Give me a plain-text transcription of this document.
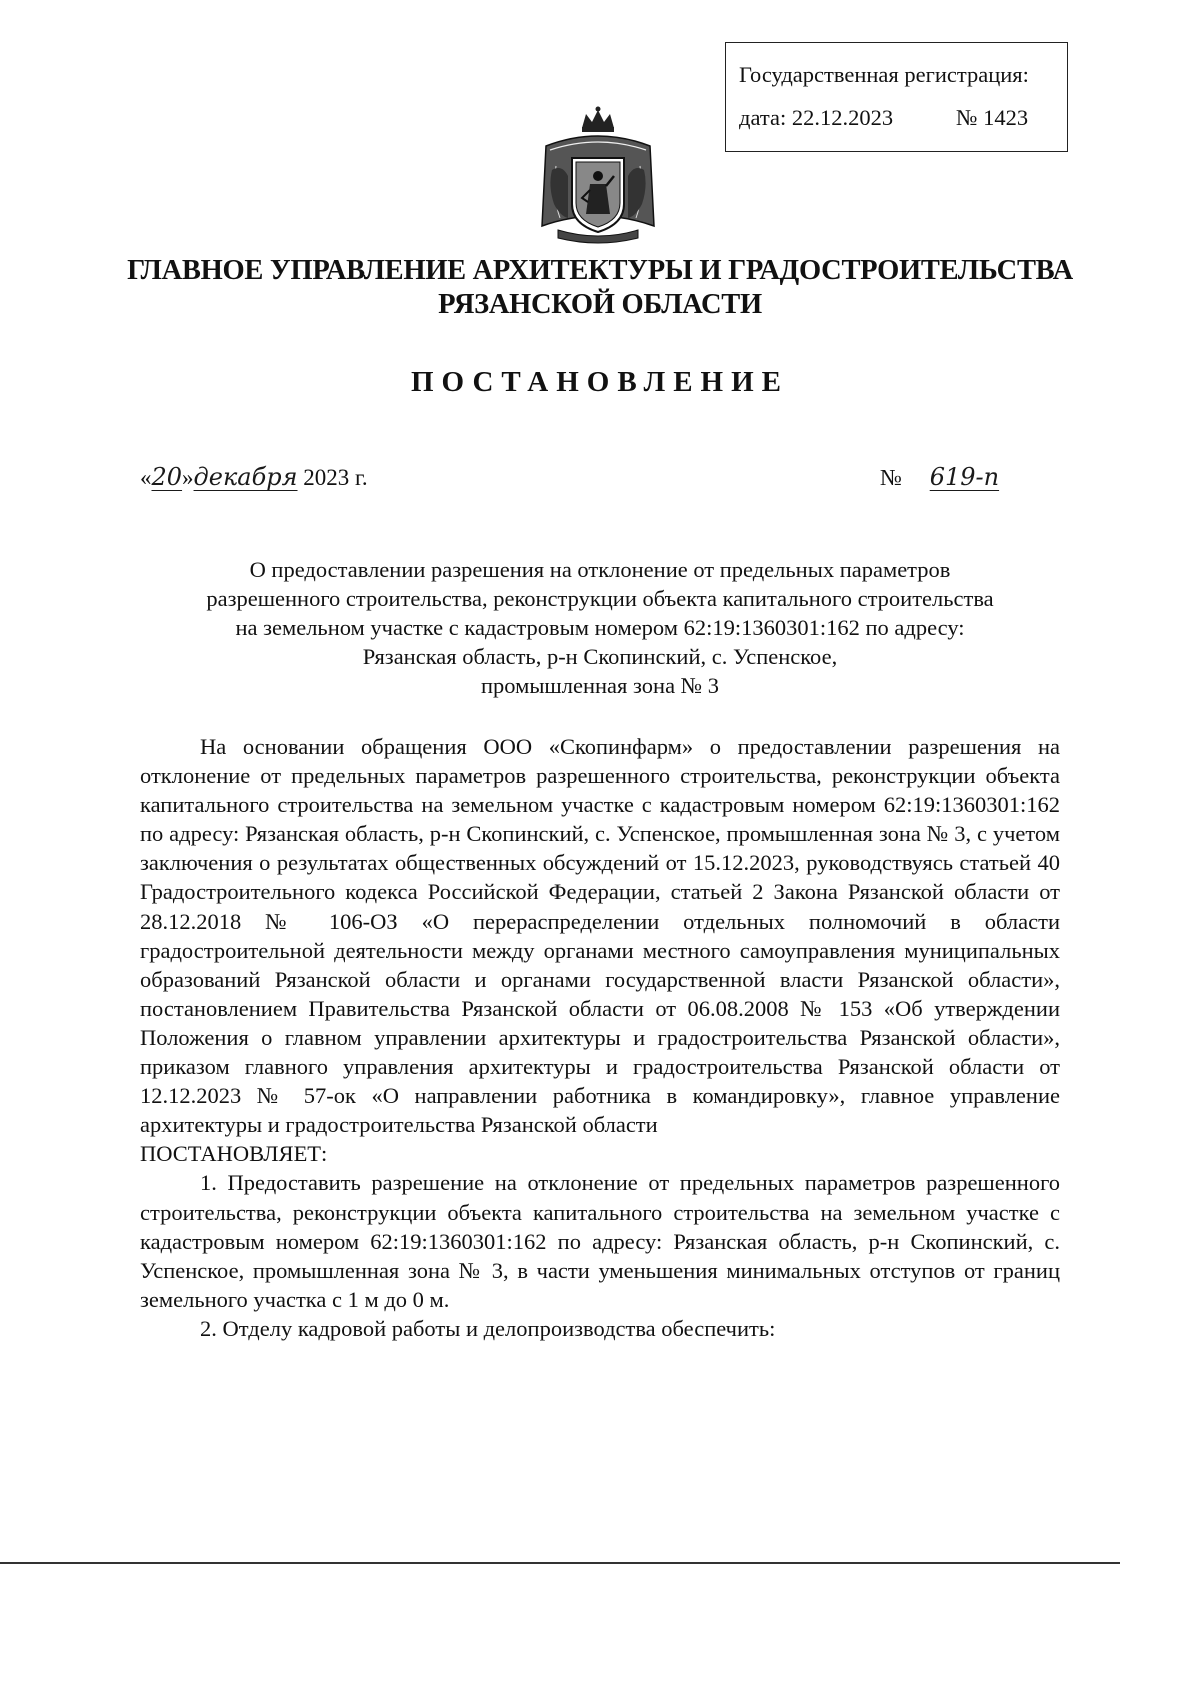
Государственная регистрация:
дата: 22.12.2023	№ 1423
ГЛАВНОЕ УПРАВЛЕНИЕ АРХИТЕКТУРЫ И ГРАДОСТРОИТЕЛЬСТВА
РЯЗАНСКОЙ ОБЛАСТИ
ПОСТАНОВЛЕНИЕ
«20»декабря 2023 г.	№ 619-п
О предоставлении разрешения на отклонение от предельных параметров
разрешенного строительства, реконструкции объекта капитального строительства
на земельном участке с кадастровым номером 62:19:1360301:162 по адресу:
Рязанская область, р-н Скопинский, с. Успенское,
промышленная зона № 3

На основании обращения ООО «Скопинфарм» о предоставлении разрешения на отклонение от предельных параметров разрешенного строительства, реконструкции объекта капитального строительства на земельном участке с кадастровым номером 62:19:1360301:162 по адресу: Рязанская область, р-н Скопинский, с. Успенское, промышленная зона № 3, с учетом заключения о результатах общественных обсуждений от 15.12.2023, руководствуясь статьей 40 Градостроительного кодекса Российской Федерации, статьей 2 Закона Рязанской области от 28.12.2018 № 106-ОЗ «О перераспределении отдельных полномочий в области градостроительной деятельности между органами местного самоуправления муниципальных образований Рязанской области и органами государственной власти Рязанской области», постановлением Правительства Рязанской области от 06.08.2008 № 153 «Об утверждении Положения о главном управлении архитектуры и градостроительства Рязанской области», приказом главного управления архитектуры и градостроительства Рязанской области от 12.12.2023 № 57-ок «О направлении работника в командировку», главное управление архитектуры и градостроительства Рязанской области

ПОСТАНОВЛЯЕТ:

1. Предоставить разрешение на отклонение от предельных параметров разрешенного строительства, реконструкции объекта капитального строительства на земельном участке с кадастровым номером 62:19:1360301:162 по адресу: Рязанская область, р-н Скопинский, с. Успенское, промышленная зона № 3, в части уменьшения минимальных отступов от границ земельного участка с 1 м до 0 м.

2. Отделу кадровой работы и делопроизводства обеспечить:
